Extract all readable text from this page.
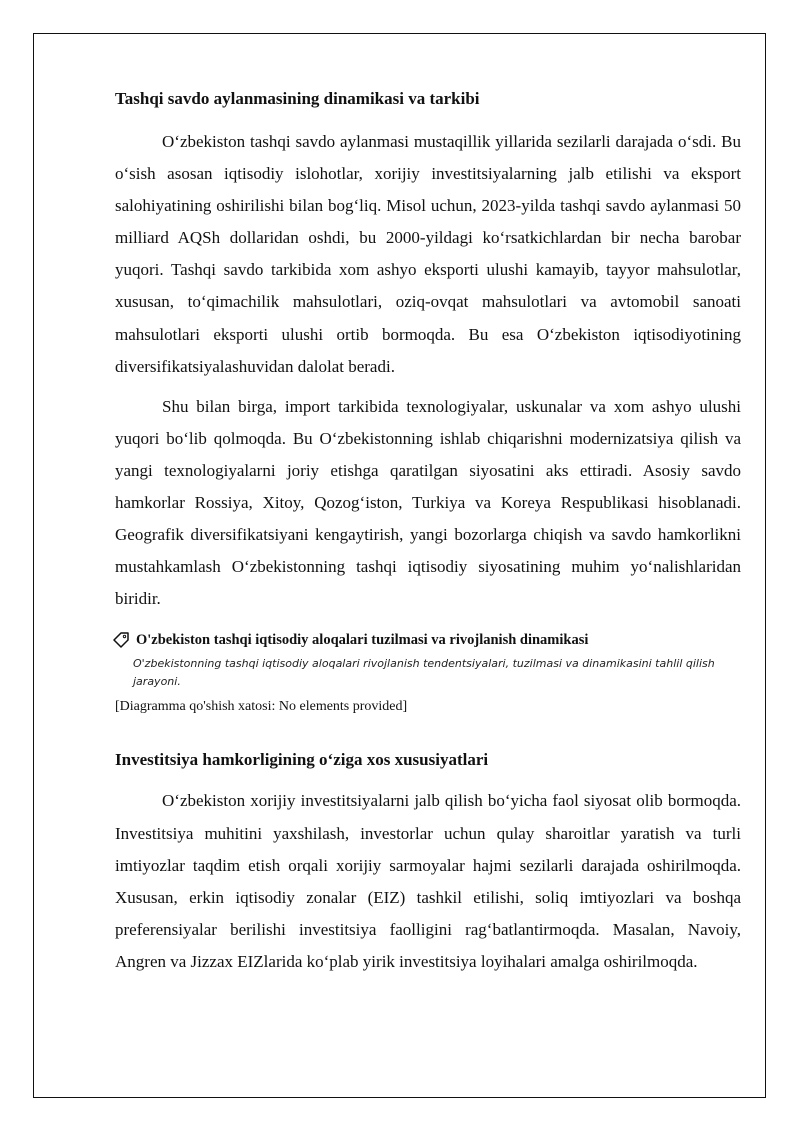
Tashqi savdo aylanmasining dinamikasi va tarkibi

O‘zbekiston tashqi savdo aylanmasi mustaqillik yillarida sezilarli darajada o‘sdi. Bu o‘sish asosan iqtisodiy islohotlar, xorijiy investitsiyalarning jalb etilishi va eksport salohiyatining oshirilishi bilan bog‘liq. Misol uchun, 2023-yilda tashqi savdo aylanmasi 50 milliard AQSh dollaridan oshdi, bu 2000-yildagi ko‘rsatkichlardan bir necha barobar yuqori. Tashqi savdo tarkibida xom ashyo eksporti ulushi kamayib, tayyor mahsulotlar, xususan, to‘qimachilik mahsulotlari, oziq-ovqat mahsulotlari va avtomobil sanoati mahsulotlari eksporti ulushi ortib bormoqda. Bu esa O‘zbekiston iqtisodiyotining diversifikatsiyalashuvidan dalolat beradi.

Shu bilan birga, import tarkibida texnologiyalar, uskunalar va xom ashyo ulushi yuqori bo‘lib qolmoqda. Bu O‘zbekistonning ishlab chiqarishni modernizatsiya qilish va yangi texnologiyalarni joriy etishga qaratilgan siyosatini aks ettiradi. Asosiy savdo hamkorlar Rossiya, Xitoy, Qozog‘iston, Turkiya va Koreya Respublikasi hisoblanadi. Geografik diversifikatsiyani kengaytirish, yangi bozorlarga chiqish va savdo hamkorlikni mustahkamlash O‘zbekistonning tashqi iqtisodiy siyosatining muhim yo‘nalishlaridan biridir.

O'zbekiston tashqi iqtisodiy aloqalari tuzilmasi va rivojlanish dinamikasi
O'zbekistonning tashqi iqtisodiy aloqalari rivojlanish tendentsiyalari, tuzilmasi va dinamikasini tahlil qilish jarayoni.
[Diagramma qo'shish xatosi: No elements provided]
Investitsiya hamkorligining o‘ziga xos xususiyatlari

O‘zbekiston xorijiy investitsiyalarni jalb qilish bo‘yicha faol siyosat olib bormoqda. Investitsiya muhitini yaxshilash, investorlar uchun qulay sharoitlar yaratish va turli imtiyozlar taqdim etish orqali xorijiy sarmoyalar hajmi sezilarli darajada oshirilmoqda. Xususan, erkin iqtisodiy zonalar (EIZ) tashkil etilishi, soliq imtiyozlari va boshqa preferensiyalar berilishi investitsiya faolligini rag‘batlantirmoqda. Masalan, Navoiy, Angren va Jizzax EIZlarida ko‘plab yirik investitsiya loyihalari amalga oshirilmoqda.
